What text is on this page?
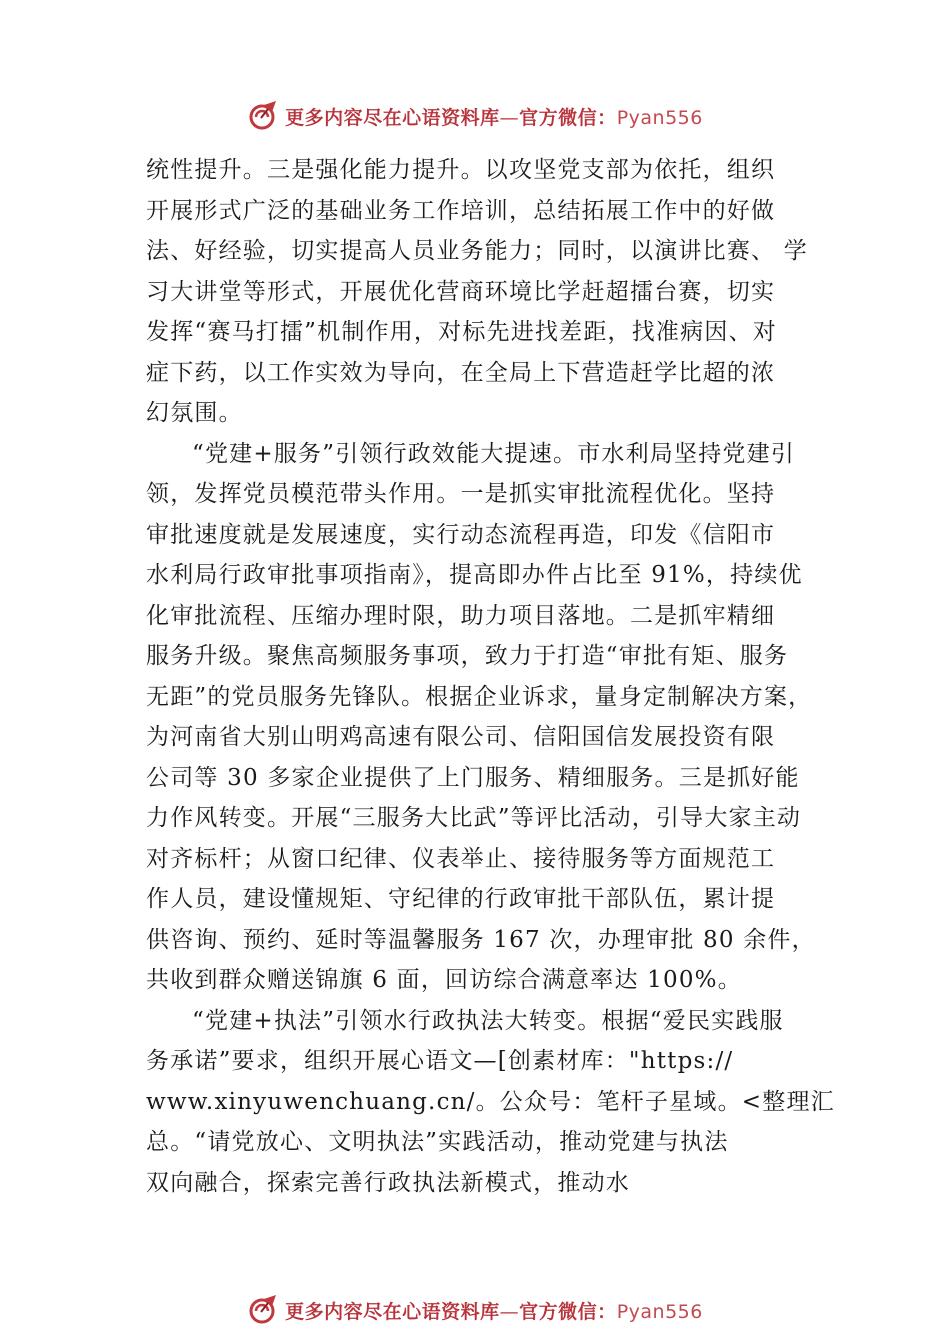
更多内容尽在心语资料库—官方微信：Pyan556
统性提升。三是强化能力提升。以攻坚党支部为依托，组织
开展形式广泛的基础业务工作培训，总结拓展工作中的好做
法、好经验，切实提高人员业务能力；同时，以演讲比赛、 学
习大讲堂等形式，开展优化营商环境比学赶超擂台赛，切实
发挥“赛马打擂”机制作用，对标先进找差距，找准病因、对
症下药，以工作实效为导向，在全局上下营造赶学比超的浓
幻氛围。
“党建+服务”引领行政效能大提速。市水利局坚持党建引
领，发挥党员模范带头作用。一是抓实审批流程优化。坚持
审批速度就是发展速度，实行动态流程再造，印发《信阳市
水利局行政审批事项指南》，提高即办件占比至 91%，持续优
化审批流程、压缩办理时限，助力项目落地。二是抓牢精细
服务升级。聚焦高频服务事项，致力于打造“审批有矩、服务
无距”的党员服务先锋队。根据企业诉求，量身定制解决方案，
为河南省大别山明鸡高速有限公司、信阳国信发展投资有限
公司等 30 多家企业提供了上门服务、精细服务。三是抓好能
力作风转变。开展“三服务大比武”等评比活动，引导大家主动
对齐标杆；从窗口纪律、仪表举止、接待服务等方面规范工
作人员，建设懂规矩、守纪律的行政审批干部队伍，累计提
供咨询、预约、延时等温馨服务 167 次，办理审批 80 余件，
共收到群众赠送锦旗 6 面，回访综合满意率达 100%。
“党建+执法”引领水行政执法大转变。根据“爱民实践服
务承诺”要求，组织开展心语文—[创素材库："https://
www.xinyuwenchuang.cn/。公众号：笔杆子星域。<整理汇
总。“请党放心、文明执法”实践活动，推动党建与执法
双向融合，探索完善行政执法新模式，推动水
更多内容尽在心语资料库—官方微信：Pyan556
